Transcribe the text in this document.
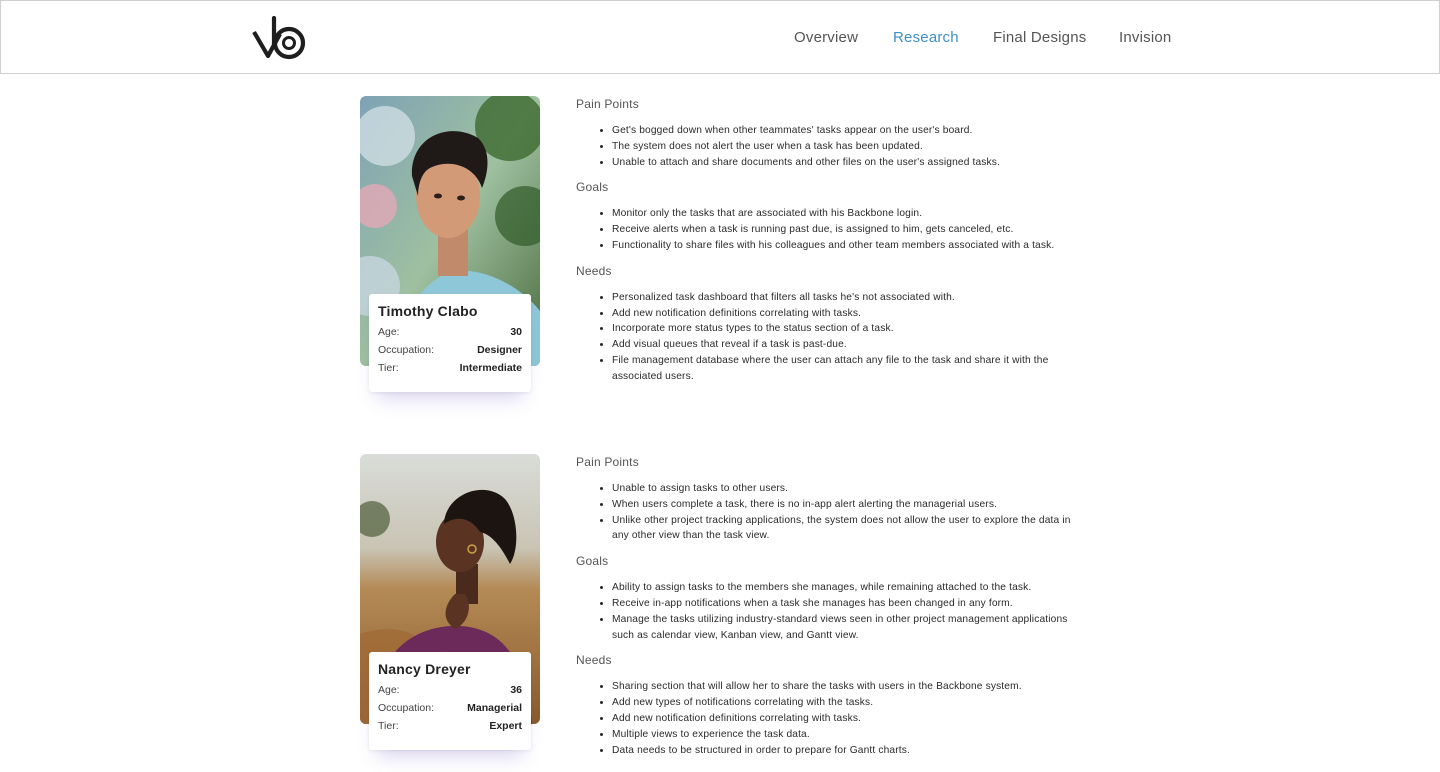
Overview Research Final Designs Invision
Timothy Clabo
Age:	30
Occupation:	Designer
Tier:	Intermediate
Pain Points
• Get's bogged down when other teammates' tasks appear on the user's board.
• The system does not alert the user when a task has been updated.
• Unable to attach and share documents and other files on the user's assigned tasks.
Goals
• Monitor only the tasks that are associated with his Backbone login.
• Receive alerts when a task is running past due, is assigned to him, gets canceled, etc.
• Functionality to share files with his colleagues and other team members associated with a task.
Needs
• Personalized task dashboard that filters all tasks he's not associated with.
• Add new notification definitions correlating with tasks.
• Incorporate more status types to the status section of a task.
• Add visual queues that reveal if a task is past-due.
• File management database where the user can attach any file to the task and share it with the associated users.
Nancy Dreyer
Age:	36
Occupation:	Managerial
Tier:	Expert
Pain Points
• Unable to assign tasks to other users.
• When users complete a task, there is no in-app alert alerting the managerial users.
• Unlike other project tracking applications, the system does not allow the user to explore the data in any other view than the task view.
Goals
• Ability to assign tasks to the members she manages, while remaining attached to the task.
• Receive in-app notifications when a task she manages has been changed in any form.
• Manage the tasks utilizing industry-standard views seen in other project management applications such as calendar view, Kanban view, and Gantt view.
Needs
• Sharing section that will allow her to share the tasks with users in the Backbone system.
• Add new types of notifications correlating with the tasks.
• Add new notification definitions correlating with tasks.
• Multiple views to experience the task data.
• Data needs to be structured in order to prepare for Gantt charts.
